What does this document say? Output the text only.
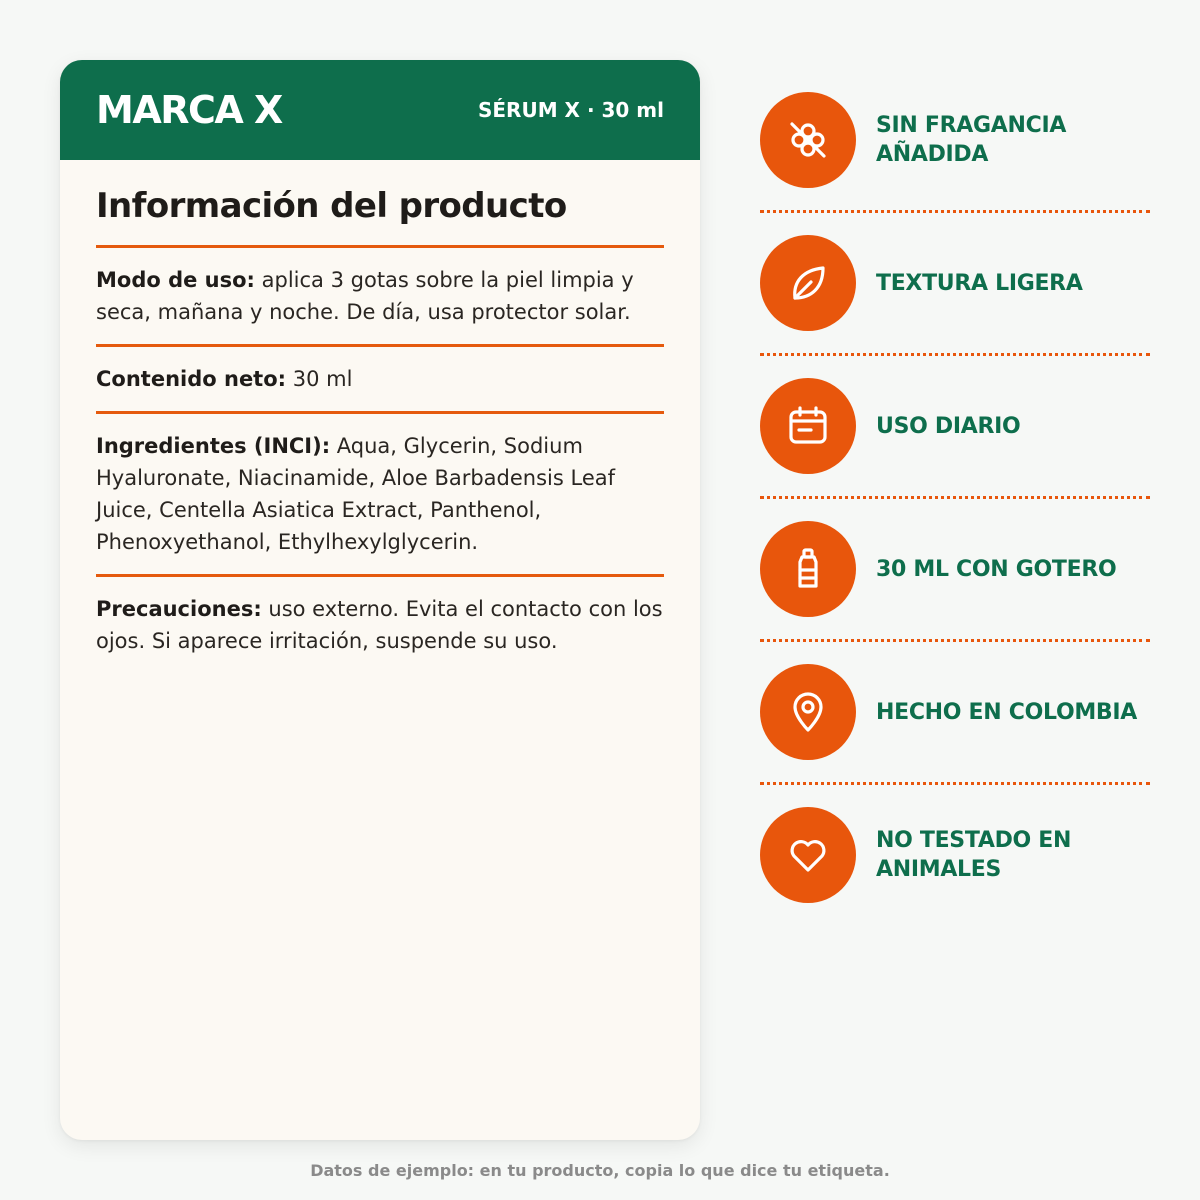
MARCA X	SÉRUM X · 30 ml
Información del producto
Modo de uso: aplica 3 gotas sobre la piel limpia y seca, mañana y noche. De día, usa protector solar.
Contenido neto: 30 ml
Ingredientes (INCI): Aqua, Glycerin, Sodium Hyaluronate, Niacinamide, Aloe Barbadensis Leaf Juice, Centella Asiatica Extract, Panthenol, Phenoxyethanol, Ethylhexylglycerin.
Precauciones: uso externo. Evita el contacto con los ojos. Si aparece irritación, suspende su uso.
SIN FRAGANCIA AÑADIDA
TEXTURA LIGERA
USO DIARIO
30 ML CON GOTERO
HECHO EN COLOMBIA
NO TESTADO EN ANIMALES
Datos de ejemplo: en tu producto, copia lo que dice tu etiqueta.
